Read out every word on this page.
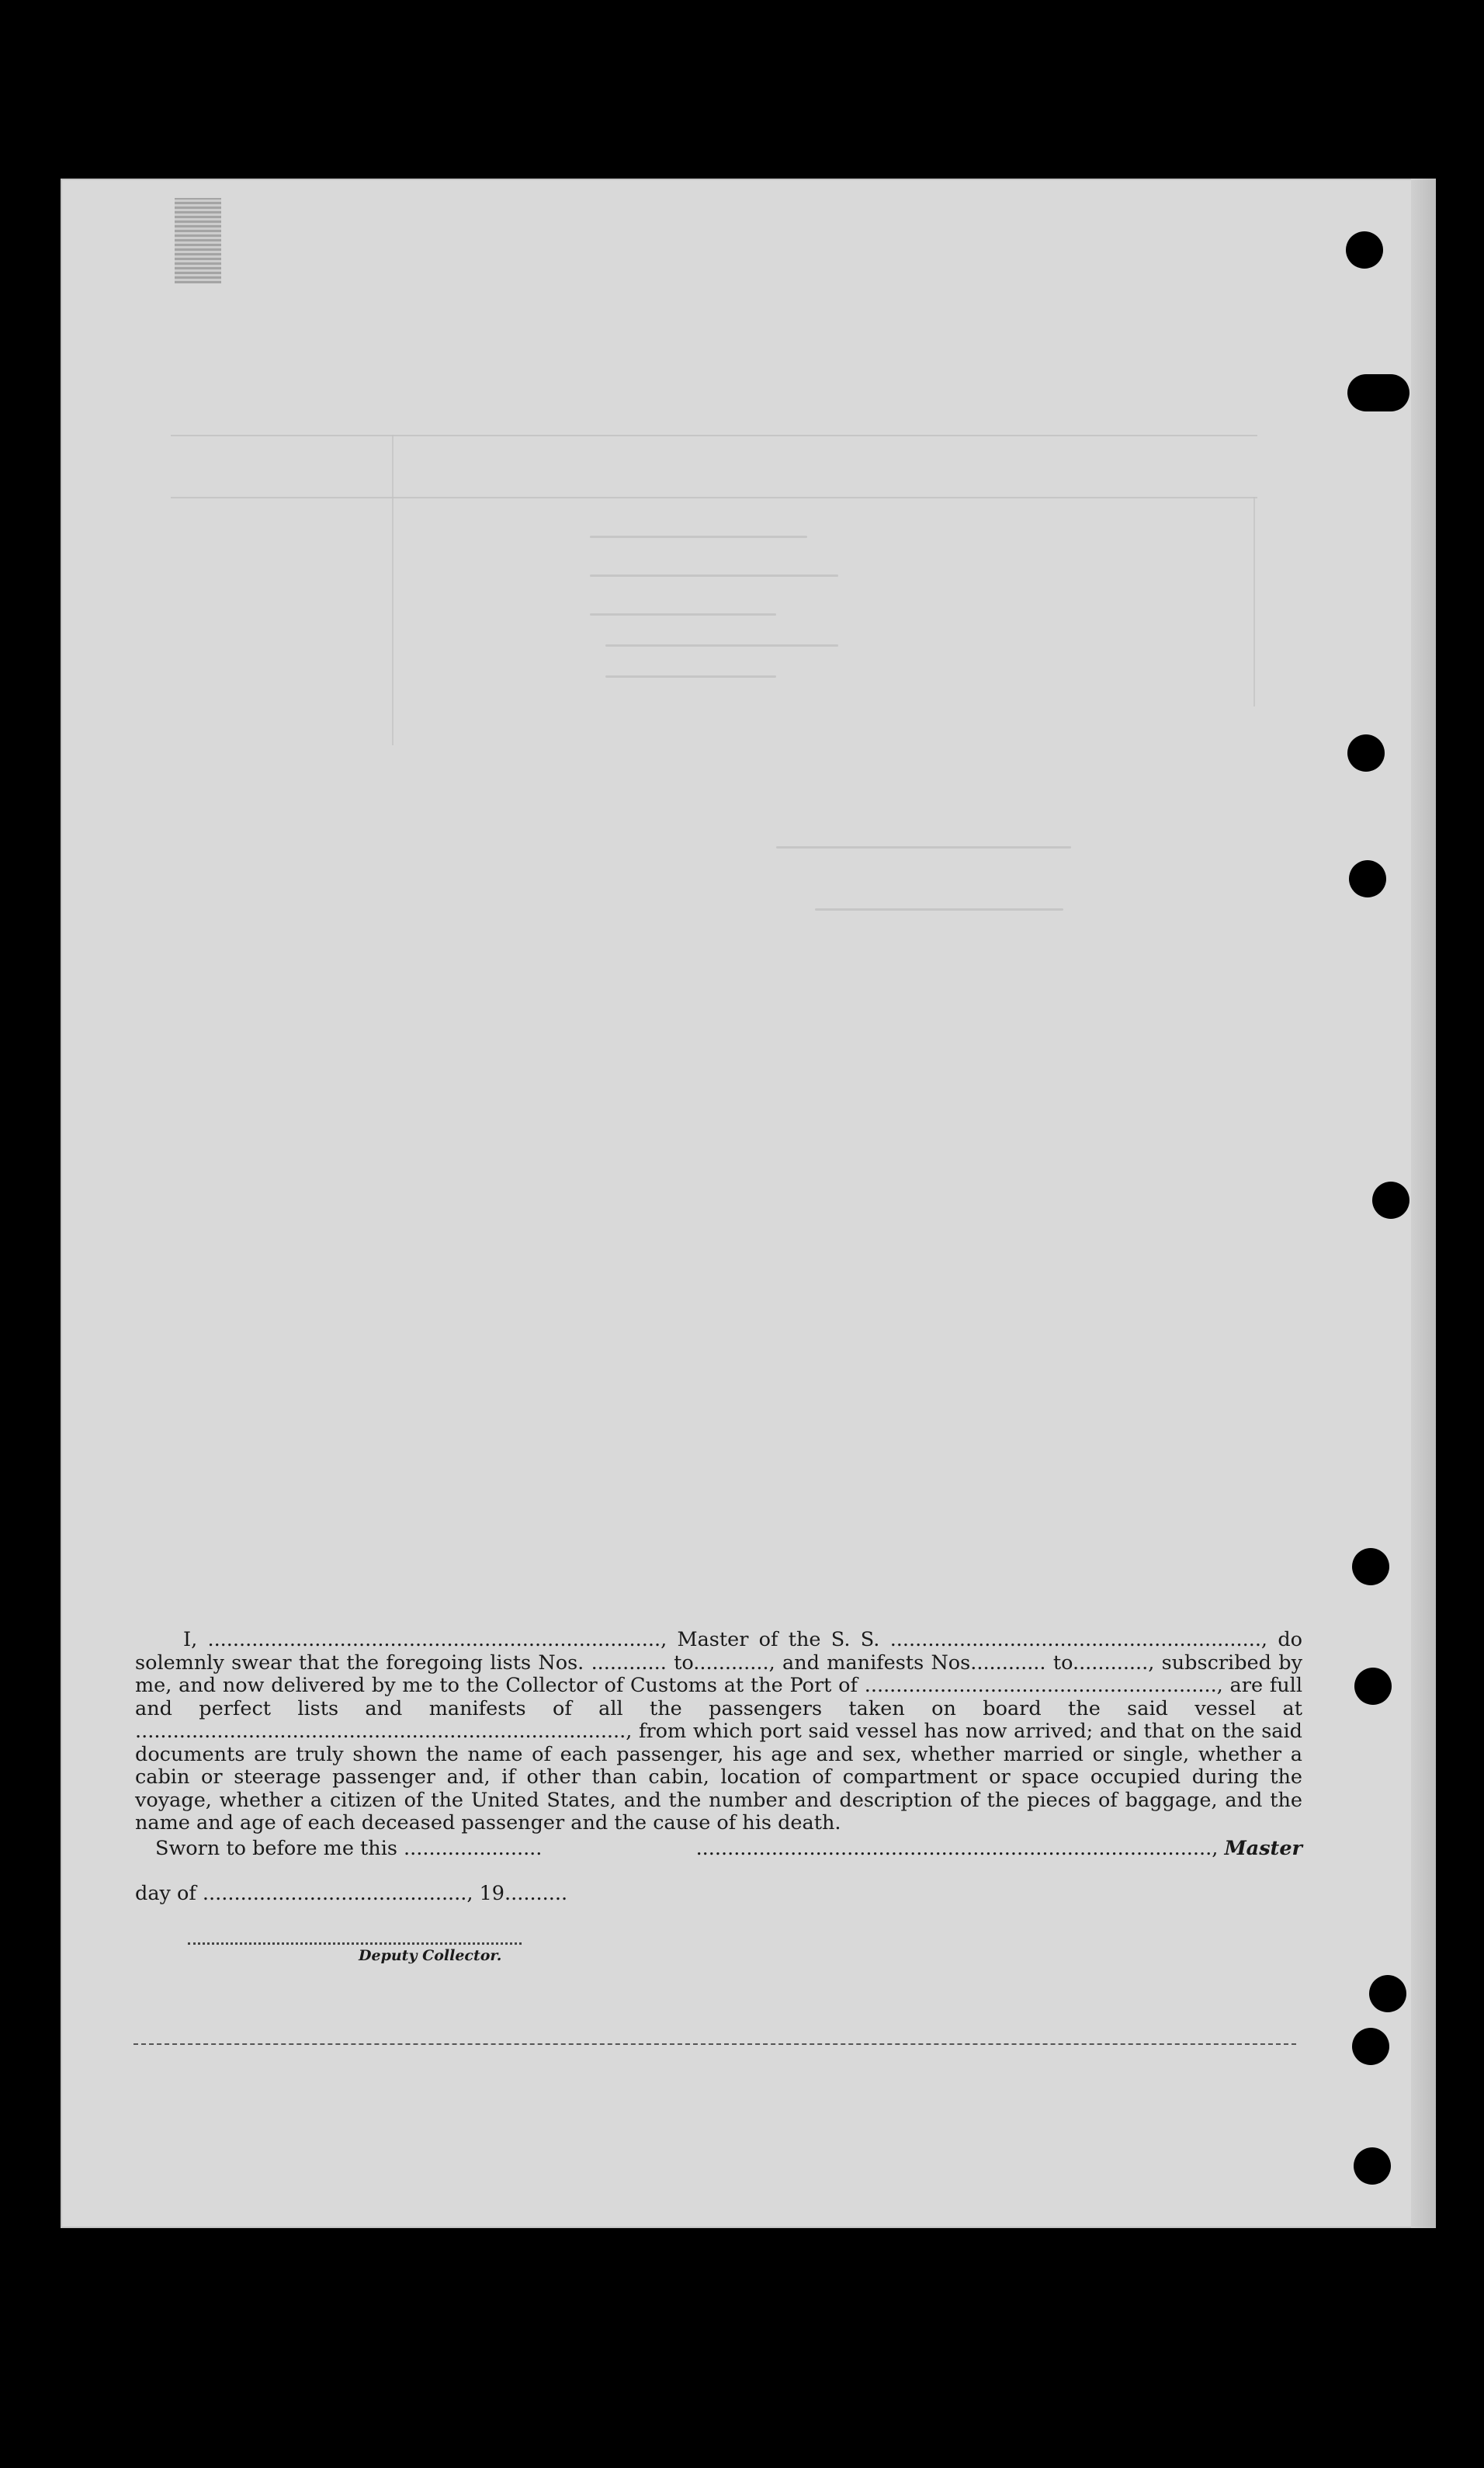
I, ........................................................................, Master of the S. S. ..........................................................., do solemnly swear that the foregoing lists Nos. ............ to............, and manifests Nos............ to............, subscribed by me, and now delivered by me to the Collector of Customs at the Port of ........................................................, are full and perfect lists and manifests of all the passengers taken on board the said vessel at .............................................................................., from which port said vessel has now arrived; and that on the said documents are truly shown the name of each passenger, his age and sex, whether married or single, whether a cabin or steerage passenger and, if other than cabin, location of compartment or space occupied during the voyage, whether a citizen of the United States, and the number and description of the pieces of baggage, and the name and age of each deceased passenger and the cause of his death.
Sworn to before me this ......................	.................................................................................., Master
day of .........................................., 19..........
Deputy Collector.
